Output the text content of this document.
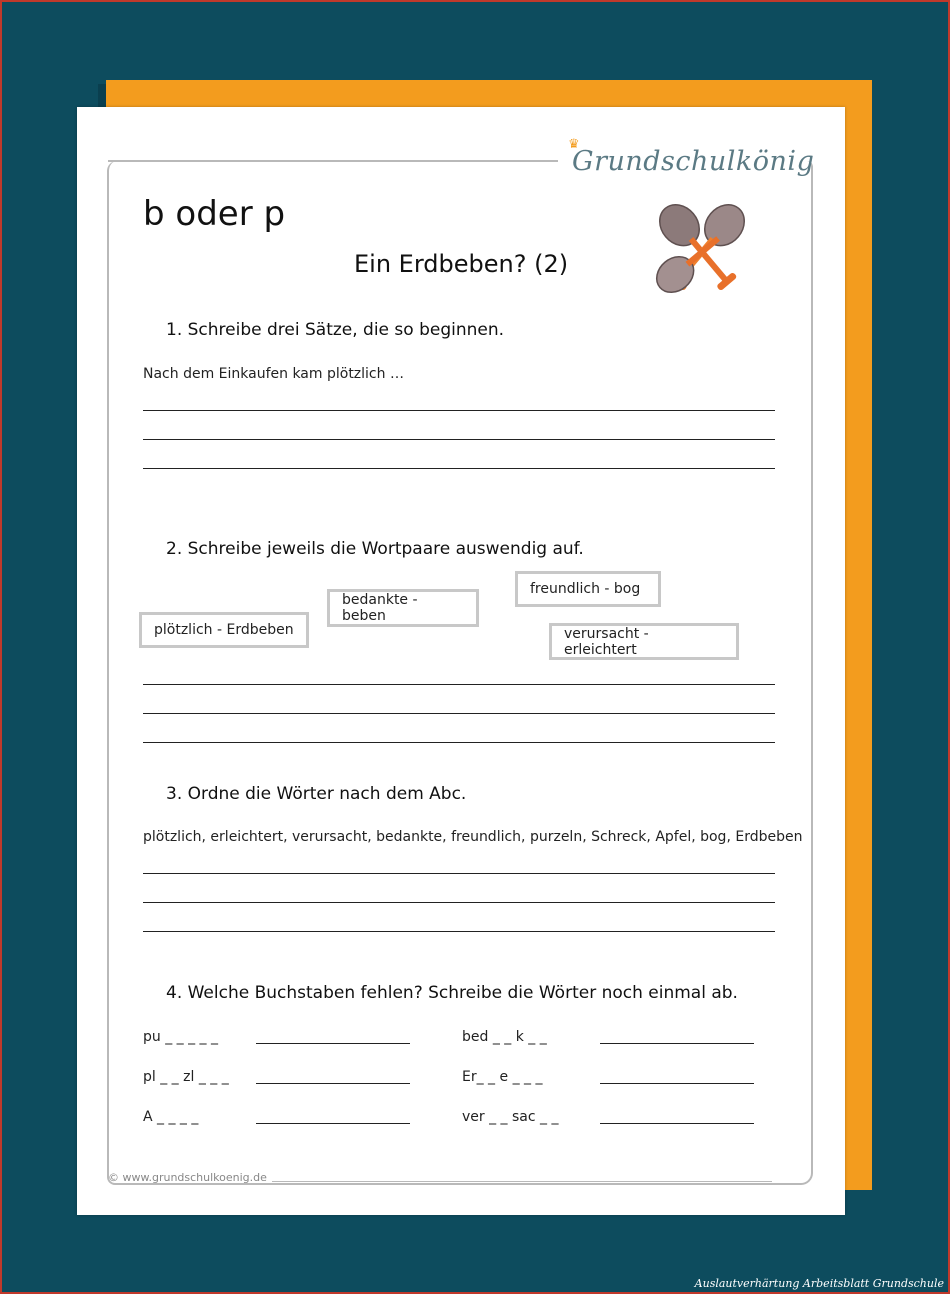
♛
Grundschulkönig
b oder p
Ein Erdbeben? (2)
1. Schreibe drei Sätze, die so beginnen.
Nach dem Einkaufen kam plötzlich …
2. Schreibe jeweils die Wortpaare auswendig auf.
plötzlich - Erdbeben
bedankte - beben
freundlich - bog
verursacht - erleichtert
3. Ordne die Wörter nach dem Abc.
plötzlich, erleichtert, verursacht, bedankte, freundlich, purzeln, Schreck, Apfel, bog, Erdbeben
4. Welche Buchstaben fehlen? Schreibe die Wörter noch einmal ab.
pu _ _ _ _ _	bed _ _ k _ _
pl _ _ zl _ _ _	Er_ _ e _ _ _
A _ _ _ _	ver _ _ sac _ _
© www.grundschulkoenig.de
Auslautverhärtung Arbeitsblatt Grundschule
